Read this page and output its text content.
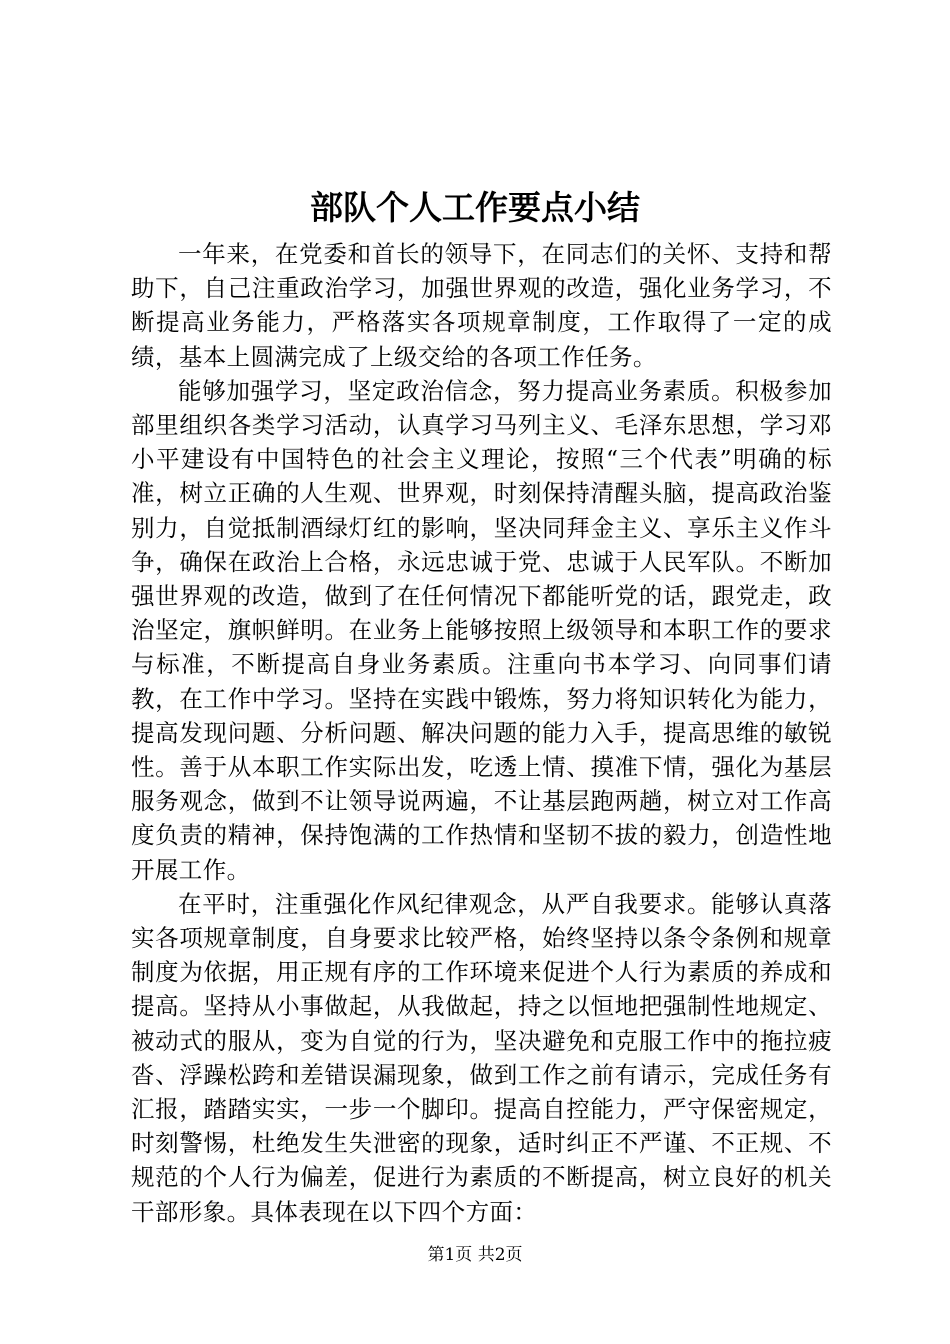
部队个人工作要点小结

一年来，在党委和首长的领导下，在同志们的关怀、支持和帮助下，自己注重政治学习，加强世界观的改造，强化业务学习，不断提高业务能力，严格落实各项规章制度，工作取得了一定的成绩，基本上圆满完成了上级交给的各项工作任务。

能够加强学习，坚定政治信念，努力提高业务素质。积极参加部里组织各类学习活动，认真学习马列主义、毛泽东思想，学习邓小平建设有中国特色的社会主义理论，按照“三个代表”明确的标准，树立正确的人生观、世界观，时刻保持清醒头脑，提高政治鉴别力，自觉抵制酒绿灯红的影响，坚决同拜金主义、享乐主义作斗争，确保在政治上合格，永远忠诚于党、忠诚于人民军队。不断加强世界观的改造，做到了在任何情况下都能听党的话，跟党走，政治坚定，旗帜鲜明。在业务上能够按照上级领导和本职工作的要求与标准，不断提高自身业务素质。注重向书本学习、向同事们请教，在工作中学习。坚持在实践中锻炼，努力将知识转化为能力，提高发现问题、分析问题、解决问题的能力入手，提高思维的敏锐性。善于从本职工作实际出发，吃透上情、摸准下情，强化为基层服务观念，做到不让领导说两遍，不让基层跑两趟，树立对工作高度负责的精神，保持饱满的工作热情和坚韧不拔的毅力，创造性地开展工作。

在平时，注重强化作风纪律观念，从严自我要求。能够认真落实各项规章制度，自身要求比较严格，始终坚持以条令条例和规章制度为依据，用正规有序的工作环境来促进个人行为素质的养成和提高。坚持从小事做起，从我做起，持之以恒地把强制性地规定、被动式的服从，变为自觉的行为，坚决避免和克服工作中的拖拉疲沓、浮躁松跨和差错误漏现象，做到工作之前有请示，完成任务有汇报，踏踏实实，一步一个脚印。提高自控能力，严守保密规定，时刻警惕，杜绝发生失泄密的现象，适时纠正不严谨、不正规、不规范的个人行为偏差，促进行为素质的不断提高，树立良好的机关干部形象。具体表现在以下四个方面：

第1页 共2页
